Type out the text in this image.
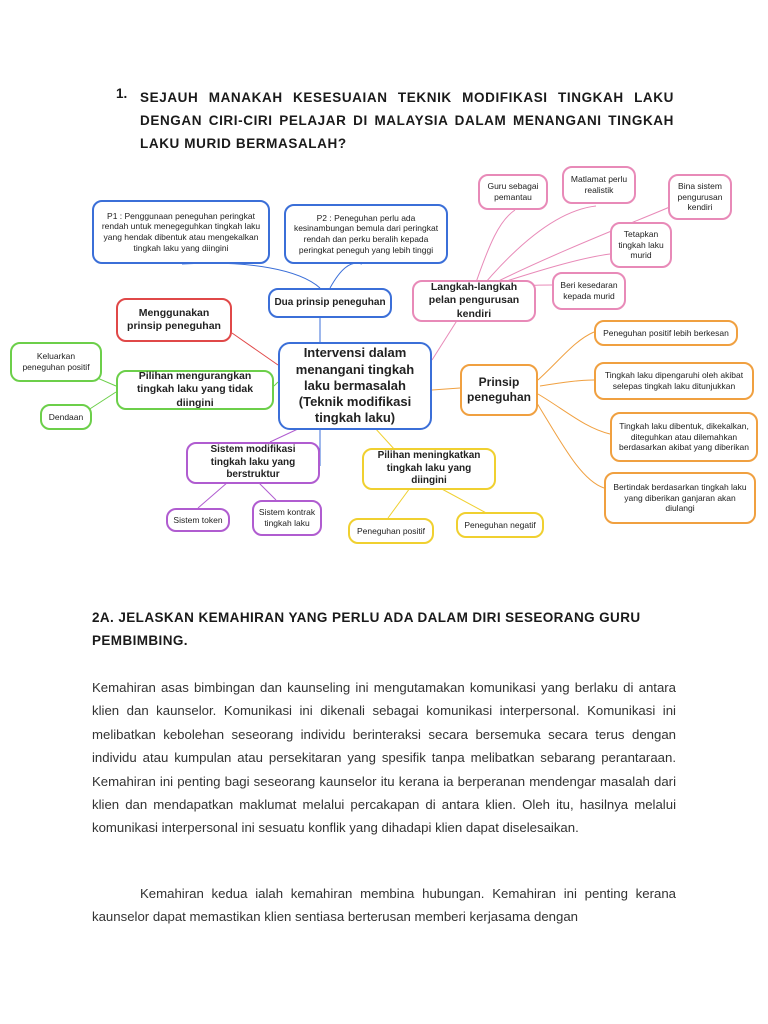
1. SEJAUH MANAKAH KESESUAIAN TEKNIK MODIFIKASI TINGKAH LAKU DENGAN CIRI-CIRI PELAJAR DI MALAYSIA DALAM MENANGANI TINGKAH LAKU MURID BERMASALAH?
Intervensi dalam menangani tingkah laku bermasalah (Teknik modifikasi tingkah laku)
Dua prinsip peneguhan
P1 : Penggunaan peneguhan peringkat rendah untuk menegeguhkan tingkah laku yang hendak dibentuk atau mengekalkan tingkah laku yang diingini
P2 : Peneguhan perlu ada kesinambungan bemula dari peringkat rendah dan perku beralih kepada peringkat peneguh yang lebih tinggi
Langkah-langkah pelan pengurusan kendiri
Guru sebagai pemantau
Matlamat perlu realistik	Bina sistem pengurusan kendiri
Tetapkan tingkah laku murid
Beri kesedaran kepada murid
Menggunakan prinsip peneguhan
Pilihan mengurangkan tingkah laku yang tidak diingini
Keluarkan peneguhan positif
Dendaan
Prinsip peneguhan
Peneguhan positif lebih berkesan
Tingkah laku dipengaruhi oleh akibat selepas tingkah laku ditunjukkan
Tingkah laku dibentuk, dikekalkan, diteguhkan atau dilemahkan berdasarkan akibat yang diberikan
Bertindak berdasarkan tingkah laku yang diberikan ganjaran akan diulangi
Sistem modifikasi tingkah laku yang berstruktur
Sistem token
Sistem kontrak tingkah laku
Pilihan meningkatkan tingkah laku yang diingini
Peneguhan positif
Peneguhan negatif
2A. JELASKAN KEMAHIRAN YANG PERLU ADA DALAM DIRI SESEORANG GURU PEMBIMBING.
Kemahiran asas bimbingan dan kaunseling ini mengutamakan komunikasi yang berlaku di antara klien dan kaunselor. Komunikasi ini dikenali sebagai komunikasi interpersonal. Komunikasi ini melibatkan kebolehan seseorang individu berinteraksi secara bersemuka secara terus dengan individu atau kumpulan atau persekitaran yang spesifik tanpa melibatkan sebarang perantaraan. Kemahiran ini penting bagi seseorang kaunselor itu kerana ia berperanan mendengar masalah dari klien dan mendapatkan maklumat melalui percakapan di antara klien. Oleh itu, hasilnya melalui komunikasi interpersonal ini sesuatu konflik yang dihadapi klien dapat diselesaikan.
Kemahiran kedua ialah kemahiran membina hubungan. Kemahiran ini penting kerana kaunselor dapat memastikan klien sentiasa berterusan memberi kerjasama dengan
